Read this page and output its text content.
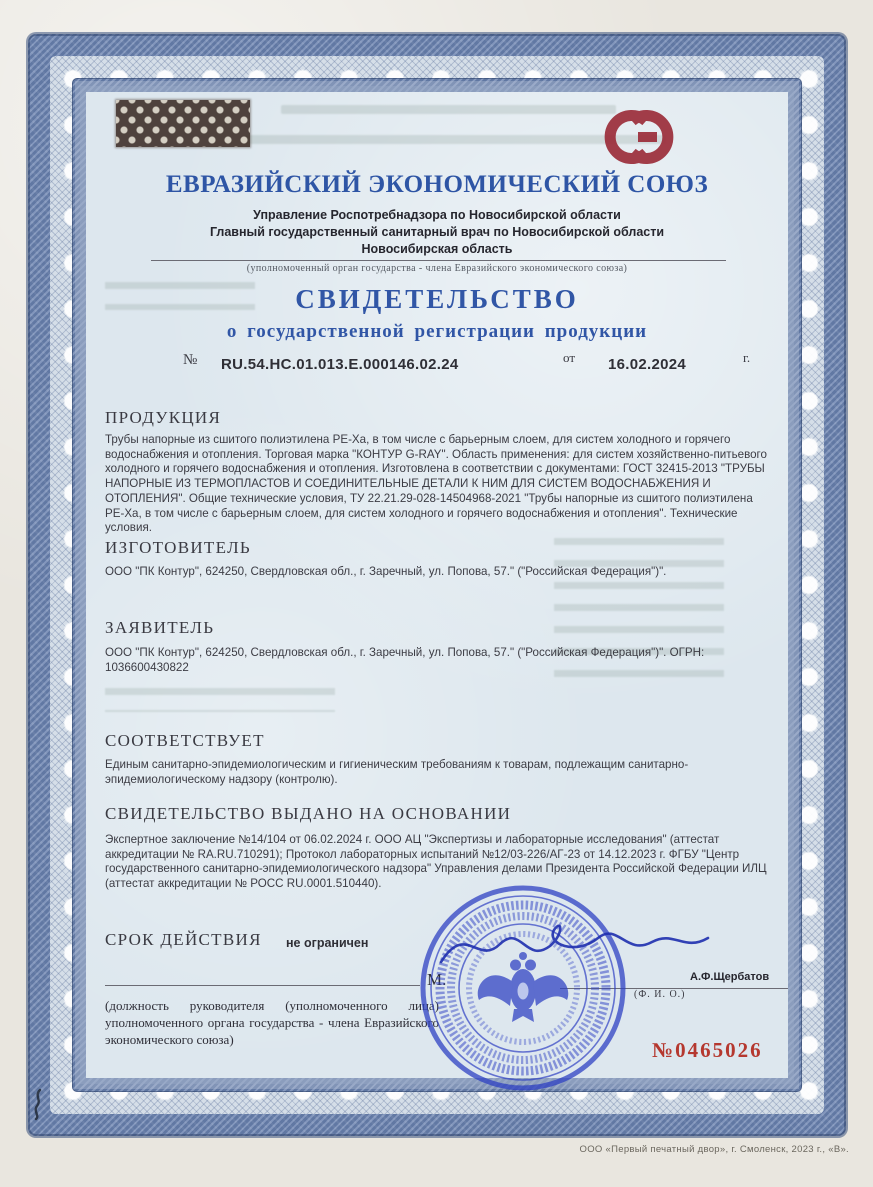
ЕВРАЗИЙСКИЙ ЭКОНОМИЧЕСКИЙ СОЮЗ
Управление Роспотребнадзора по Новосибирской области
Главный государственный санитарный врач по Новосибирской области
Новосибирская область
(уполномоченный орган государства - члена Евразийского экономического союза)
СВИДЕТЕЛЬСТВО
о государственной регистрации продукции
№ RU.54.HC.01.013.E.000146.02.24	от 16.02.2024	г.
ПРОДУКЦИЯ
Трубы напорные из сшитого полиэтилена PE-Xa, в том числе с барьерным слоем, для систем холодного и горячего водоснабжения и отопления. Торговая марка "КОНТУР G-RAY". Область применения: для систем хозяйственно-питьевого холодного и горячего водоснабжения и отопления. Изготовлена в соответствии с документами: ГОСТ 32415-2013 "ТРУБЫ НАПОРНЫЕ ИЗ ТЕРМОПЛАСТОВ И СОЕДИНИТЕЛЬНЫЕ ДЕТАЛИ К НИМ ДЛЯ СИСТЕМ ВОДОСНАБЖЕНИЯ И ОТОПЛЕНИЯ". Общие технические условия, ТУ 22.21.29-028-14504968-2021 "Трубы напорные из сшитого полиэтилена PE-Xa, в том числе с барьерным слоем, для систем холодного и горячего водоснабжения и отопления". Технические условия.
ИЗГОТОВИТЕЛЬ
ООО "ПК Контур", 624250, Свердловская обл., г. Заречный, ул. Попова, 57." ("Российская Федерация")".
ЗАЯВИТЕЛЬ
ООО "ПК Контур", 624250, Свердловская обл., г. Заречный, ул. Попова, 57." ("Российская Федерация")". ОГРН: 1036600430822
СООТВЕТСТВУЕТ
Единым санитарно-эпидемиологическим и гигиеническим требованиям к товарам, подлежащим санитарно-эпидемиологическому надзору (контролю).
СВИДЕТЕЛЬСТВО ВЫДАНО НА ОСНОВАНИИ
Экспертное заключение №14/104 от 06.02.2024 г. ООО АЦ "Экспертизы и лабораторные исследования" (аттестат аккредитации № RA.RU.710291); Протокол лабораторных испытаний №12/03-226/АГ-23 от 14.12.2023 г. ФГБУ "Центр государственного санитарно-эпидемиологического надзора" Управления делами Президента Российской Федерации ИЛЦ (аттестат аккредитации № РОСС RU.0001.510440).
СРОК ДЕЙСТВИЯ не ограничен
М.	А.Ф.Щербатов
(Ф. И. О.)
(должность руководителя (уполномоченного лица) уполномоченного органа государства - члена Евразийского экономического союза)	№0465026
ООО «Первый печатный двор», г. Смоленск, 2023 г., «В».
